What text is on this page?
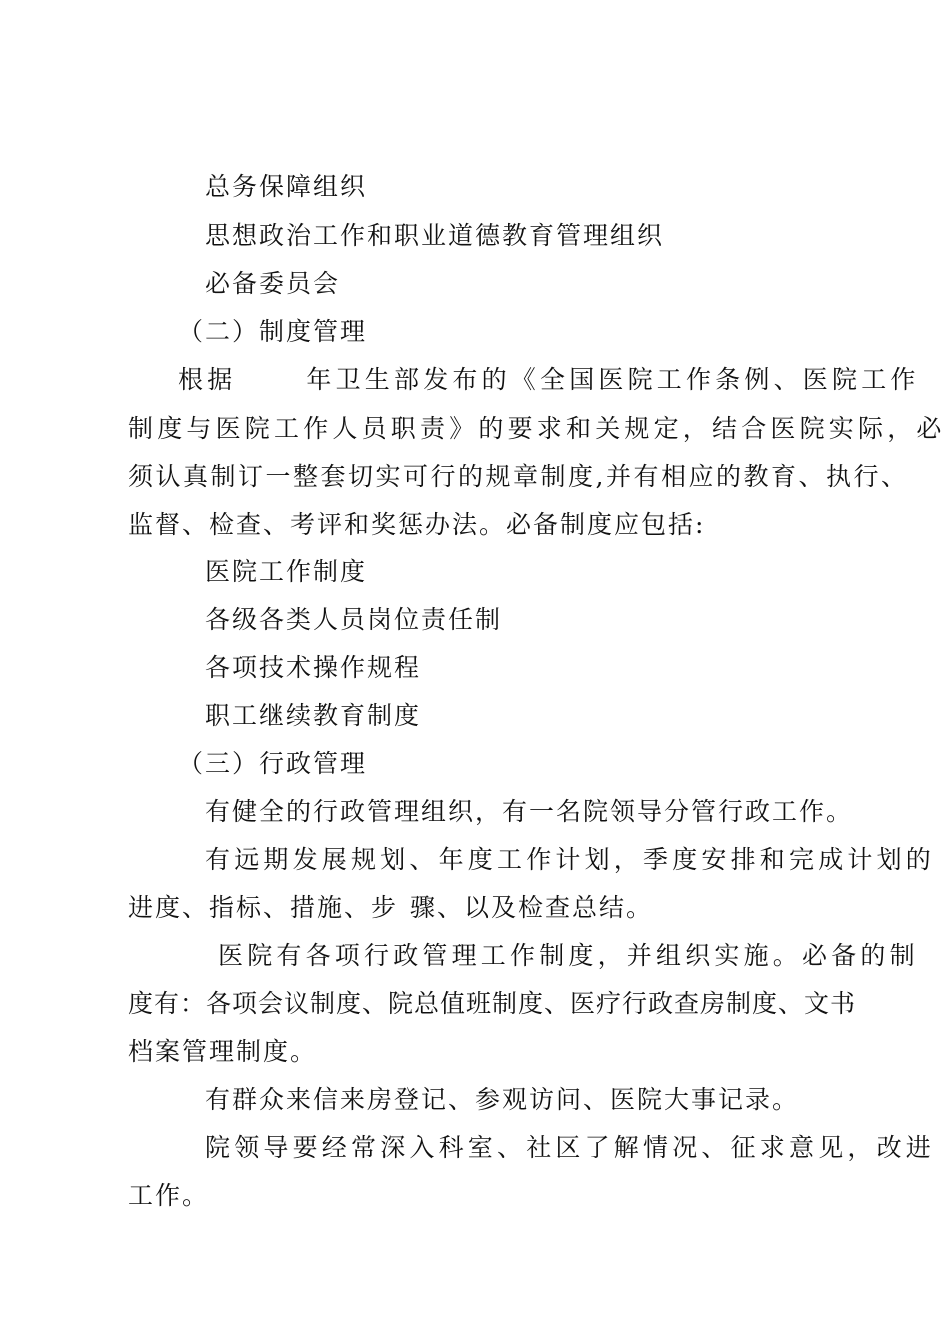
总务保障组织
思想政治工作和职业道德教育管理组织
必备委员会
（二）制度管理
根据	年卫生部发布的《全国医院工作条例、医院工作
制度与医院工作人员职责》的要求和关规定，结合医院实际，必
须认真制订一整套切实可行的规章制度,并有相应的教育、执行、
监督、检查、考评和奖惩办法。必备制度应包括:
医院工作制度
各级各类人员岗位责任制
各项技术操作规程
职工继续教育制度
（三）行政管理
有健全的行政管理组织，有一名院领导分管行政工作。
有远期发展规划、年度工作计划，季度安排和完成计划的
进度、指标、措施、步 骤、以及检查总结。
医院有各项行政管理工作制度，并组织实施。必备的制
度有：各项会议制度、院总值班制度、医疗行政查房制度、文书
档案管理制度。
有群众来信来房登记、参观访问、医院大事记录。
院领导要经常深入科室、社区了解情况、征求意见，改进
工作。
